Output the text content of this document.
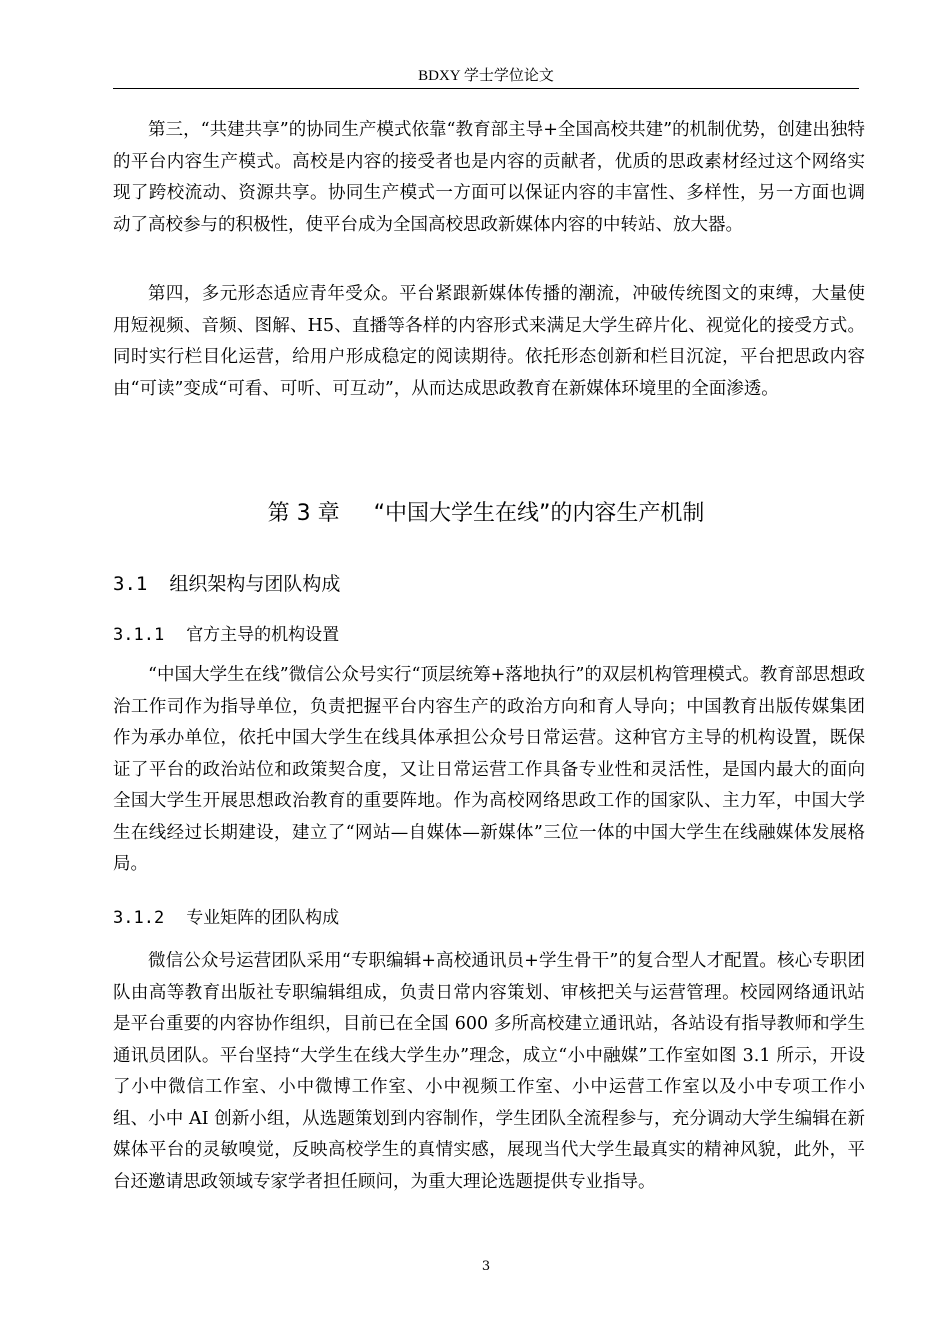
BDXY 学士学位论文

第三，“共建共享”的协同生产模式依靠“教育部主导+全国高校共建”的机制优势，创建出独特的平台内容生产模式。高校是内容的接受者也是内容的贡献者，优质的思政素材经过这个网络实现了跨校流动、资源共享。协同生产模式一方面可以保证内容的丰富性、多样性，另一方面也调动了高校参与的积极性，使平台成为全国高校思政新媒体内容的中转站、放大器。

第四，多元形态适应青年受众。平台紧跟新媒体传播的潮流，冲破传统图文的束缚，大量使用短视频、音频、图解、H5、直播等各样的内容形式来满足大学生碎片化、视觉化的接受方式。同时实行栏目化运营，给用户形成稳定的阅读期待。依托形态创新和栏目沉淀，平台把思政内容由“可读”变成“可看、可听、可互动”，从而达成思政教育在新媒体环境里的全面渗透。

第 3 章 “中国大学生在线”的内容生产机制
3.1 组织架构与团队构成
3.1.1 官方主导的机构设置

“中国大学生在线”微信公众号实行“顶层统筹+落地执行”的双层机构管理模式。教育部思想政治工作司作为指导单位，负责把握平台内容生产的政治方向和育人导向；中国教育出版传媒集团作为承办单位，依托中国大学生在线具体承担公众号日常运营。这种官方主导的机构设置，既保证了平台的政治站位和政策契合度，又让日常运营工作具备专业性和灵活性，是国内最大的面向全国大学生开展思想政治教育的重要阵地。作为高校网络思政工作的国家队、主力军，中国大学生在线经过长期建设，建立了“网站—自媒体—新媒体”三位一体的中国大学生在线融媒体发展格局。

3.1.2 专业矩阵的团队构成

微信公众号运营团队采用“专职编辑+高校通讯员+学生骨干”的复合型人才配置。核心专职团队由高等教育出版社专职编辑组成，负责日常内容策划、审核把关与运营管理。校园网络通讯站是平台重要的内容协作组织，目前已在全国 600 多所高校建立通讯站，各站设有指导教师和学生通讯员团队。平台坚持“大学生在线大学生办”理念，成立“小中融媒”工作室如图 3.1 所示，开设了小中微信工作室、小中微博工作室、小中视频工作室、小中运营工作室以及小中专项工作小组、小中 AI 创新小组，从选题策划到内容制作，学生团队全流程参与，充分调动大学生编辑在新媒体平台的灵敏嗅觉，反映高校学生的真情实感，展现当代大学生最真实的精神风貌，此外，平台还邀请思政领域专家学者担任顾问，为重大理论选题提供专业指导。

3
